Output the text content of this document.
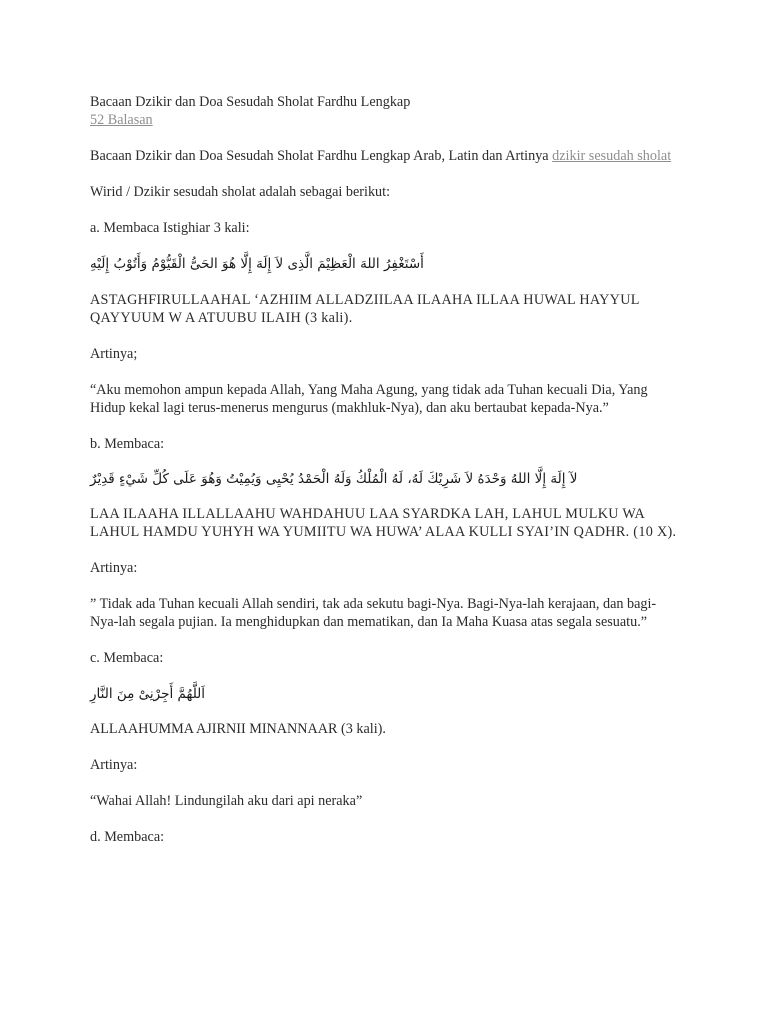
Bacaan Dzikir dan Doa Sesudah Sholat Fardhu Lengkap

52 Balasan

Bacaan Dzikir dan Doa Sesudah Sholat Fardhu Lengkap Arab, Latin dan Artinya dzikir sesudah sholat

Wirid / Dzikir sesudah sholat adalah sebagai berikut:

a. Membaca Istighiar 3 kali:

أَسْتَغْفِرُ اللهَ الْعَظِيْمَ الَّذِى لاَ إِلَهَ إِلَّا هُوَ الحَىُّ الْقَيُّوْمُ وَأَتُوْبُ إِلَيْهِ

ASTAGHFIRULLAAHAL ‘AZHIIM ALLADZIILAA ILAAHA ILLAA HUWAL HAYYUL QAYYUUM W A ATUUBU ILAIH (3 kali).

Artinya;

“Aku memohon ampun kepada Allah, Yang Maha Agung, yang tidak ada Tuhan kecuali Dia, Yang Hidup kekal lagi terus-menerus mengurus (makhluk-Nya), dan aku bertaubat kepada-Nya.”

b. Membaca:

لآ إِلَهَ إِلَّا اللهُ وَحْدَهُ لاَ شَرِيْكَ لَهُ، لَهُ الْمُلْكُ وَلَهُ الْحَمْدُ يُحْيِى وَيُمِيْتُ وَهُوَ عَلَى كُلِّ شَيْءٍ قَدِيْرٌ

LAA ILAAHA ILLALLAAHU WAHDAHUU LAA SYARDKA LAH, LAHUL MULKU WA LAHUL HAMDU YUHYH WA YUMIITU WA HUWA’ ALAA KULLI SYAI’IN QADHR. (10 X).

Artinya:

” Tidak ada Tuhan kecuali Allah sendiri, tak ada sekutu bagi-Nya. Bagi-Nya-lah kerajaan, dan bagi-Nya-lah segala pujian. Ia menghidupkan dan mematikan, dan Ia Maha Kuasa atas segala sesuatu.”

c. Membaca:

اَللَّهُمَّ أَجِرْنِىْ مِنَ النَّارِ

ALLAAHUMMA AJIRNII MINANNAAR (3 kali).

Artinya:

“Wahai Allah! Lindungilah aku dari api neraka”

d. Membaca:
